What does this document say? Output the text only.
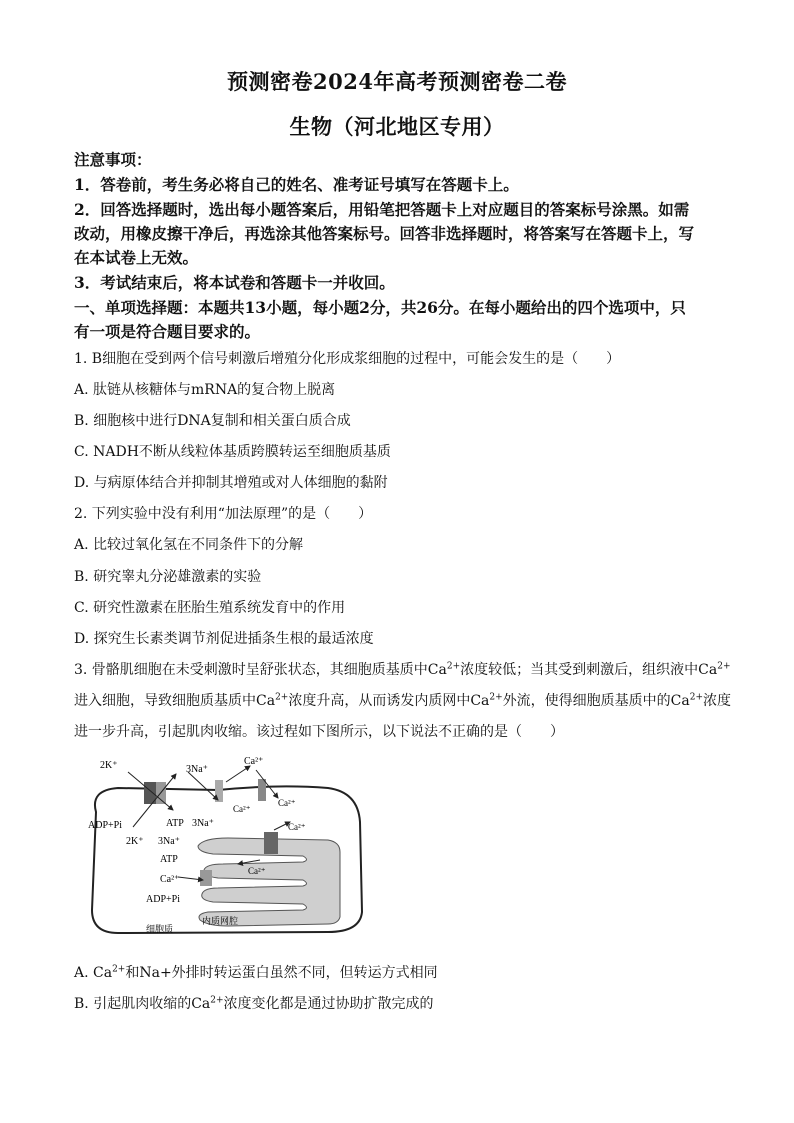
预测密卷2024年高考预测密卷二卷
生物（河北地区专用）
注意事项：
1．答卷前，考生务必将自己的姓名、准考证号填写在答题卡上。
2．回答选择题时，选出每小题答案后，用铅笔把答题卡上对应题目的答案标号涂黑。如需
改动，用橡皮擦干净后，再选涂其他答案标号。回答非选择题时，将答案写在答题卡上，写
在本试卷上无效。
3．考试结束后，将本试卷和答题卡一并收回。
一、单项选择题：本题共13小题，每小题2分，共26分。在每小题给出的四个选项中，只
有一项是符合题目要求的。
1. B细胞在受到两个信号刺激后增殖分化形成浆细胞的过程中，可能会发生的是（　　）
A. 肽链从核糖体与mRNA的复合物上脱离
B. 细胞核中进行DNA复制和相关蛋白质合成
C. NADH不断从线粒体基质跨膜转运至细胞质基质
D. 与病原体结合并抑制其增殖或对人体细胞的黏附
2. 下列实验中没有利用“加法原理”的是（　　）
A. 比较过氧化氢在不同条件下的分解
B. 研究睾丸分泌雄激素的实验
C. 研究性激素在胚胎生殖系统发育中的作用
D. 探究生长素类调节剂促进插条生根的最适浓度
3. 骨骼肌细胞在未受刺激时呈舒张状态，其细胞质基质中$Ca^{2+}$浓度较低；当其受到刺激后，组织液中$Ca^{2+}$
进入细胞，导致细胞质基质中$Ca^{2+}$浓度升高，从而诱发内质网中$Ca^{2+}$外流，使得细胞质基质中的$Ca^{2+}$浓度
进一步升高，引起肌肉收缩。该过程如下图所示，以下说法不正确的是（　　）
2K⁺	3Na⁺
Ca²⁺
Ca²⁺
Ca²⁺
ADP+Pi	ATP 3Na⁺
2K⁺ 3Na⁺
Ca²⁺
ATP
Ca²⁺
Ca²⁺
ADP+Pi
细胞质
内质网腔
A. $Ca^{2+}$和Na+外排时转运蛋白虽然不同，但转运方式相同
B. 引起肌肉收缩的$Ca^{2+}$浓度变化都是通过协助扩散完成的
